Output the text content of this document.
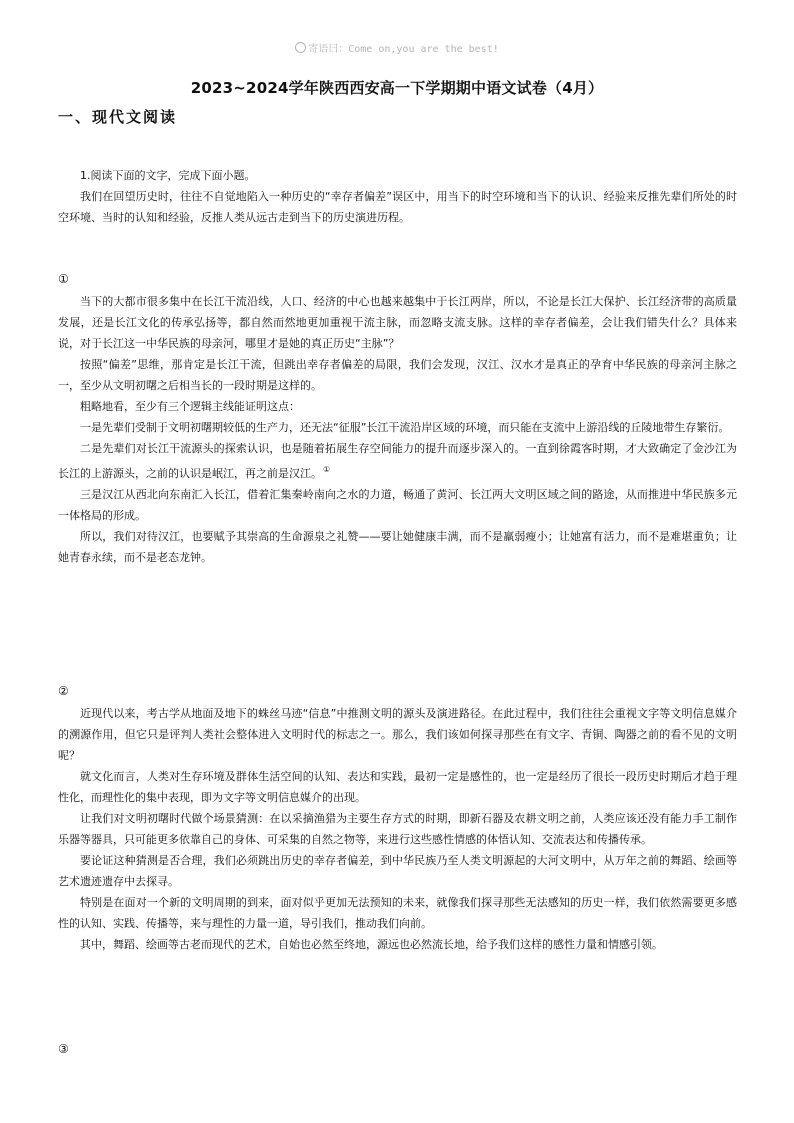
寄语曰：Come on,you are the best!
2023~2024学年陕西西安高一下学期期中语文试卷（4月）
一、现代文阅读

1.阅读下面的文字，完成下面小题。

我们在回望历史时，往往不自觉地陷入一种历史的“幸存者偏差”误区中，用当下的时空环境和当下的认识、经验来反推先辈们所处的时空环境、当时的认知和经验，反推人类从远古走到当下的历史演进历程。

①

当下的大都市很多集中在长江干流沿线，人口、经济的中心也越来越集中于长江两岸，所以，不论是长江大保护、长江经济带的高质量发展，还是长江文化的传承弘扬等，都自然而然地更加重视干流主脉，而忽略支流支脉。这样的幸存者偏差，会让我们错失什么？具体来说，对于长江这一中华民族的母亲河，哪里才是她的真正历史“主脉”？

按照“偏差”思维，那肯定是长江干流，但跳出幸存者偏差的局限，我们会发现，汉江、汉水才是真正的孕育中华民族的母亲河主脉之一，至少从文明初曙之后相当长的一段时期是这样的。

粗略地看，至少有三个逻辑主线能证明这点：

一是先辈们受制于文明初曙期较低的生产力，还无法“征服”长江干流沿岸区域的环境，而只能在支流中上游沿线的丘陵地带生存繁衍。

二是先辈们对长江干流源头的探索认识，也是随着拓展生存空间能力的提升而逐步深入的。一直到徐霞客时期，才大致确定了金沙江为长江的上游源头，之前的认识是岷江，再之前是汉江。①

三是汉江从西北向东南汇入长江，借着汇集秦岭南向之水的力道，畅通了黄河、长江两大文明区域之间的路途，从而推进中华民族多元一体格局的形成。

所以，我们对待汉江，也要赋予其崇高的生命源泉之礼赞——要让她健康丰满，而不是羸弱瘦小；让她富有活力，而不是难堪重负；让她青春永续，而不是老态龙钟。

②

近现代以来，考古学从地面及地下的蛛丝马迹“信息”中推测文明的源头及演进路径。在此过程中，我们往往会重视文字等文明信息媒介的溯源作用，但它只是评判人类社会整体进入文明时代的标志之一。那么，我们该如何探寻那些在有文字、青铜、陶器之前的看不见的文明呢？

就文化而言，人类对生存环境及群体生活空间的认知、表达和实践，最初一定是感性的，也一定是经历了很长一段历史时期后才趋于理性化，而理性化的集中表现，即为文字等文明信息媒介的出现。

让我们对文明初曙时代做个场景猜测：在以采摘渔猎为主要生存方式的时期，即新石器及农耕文明之前，人类应该还没有能力手工制作乐器等器具，只可能更多依靠自己的身体、可采集的自然之物等，来进行这些感性情感的体悟认知、交流表达和传播传承。

要论证这种猜测是否合理，我们必须跳出历史的幸存者偏差，到中华民族乃至人类文明源起的大河文明中，从万年之前的舞蹈、绘画等艺术遗迹遗存中去探寻。

特别是在面对一个新的文明周期的到来，面对似乎更加无法预知的未来，就像我们探寻那些无法感知的历史一样，我们依然需要更多感性的认知、实践、传播等，来与理性的力量一道，导引我们，推动我们向前。

其中，舞蹈、绘画等古老而现代的艺术，自始也必然至终地，源远也必然流长地，给予我们这样的感性力量和情感引领。

③
